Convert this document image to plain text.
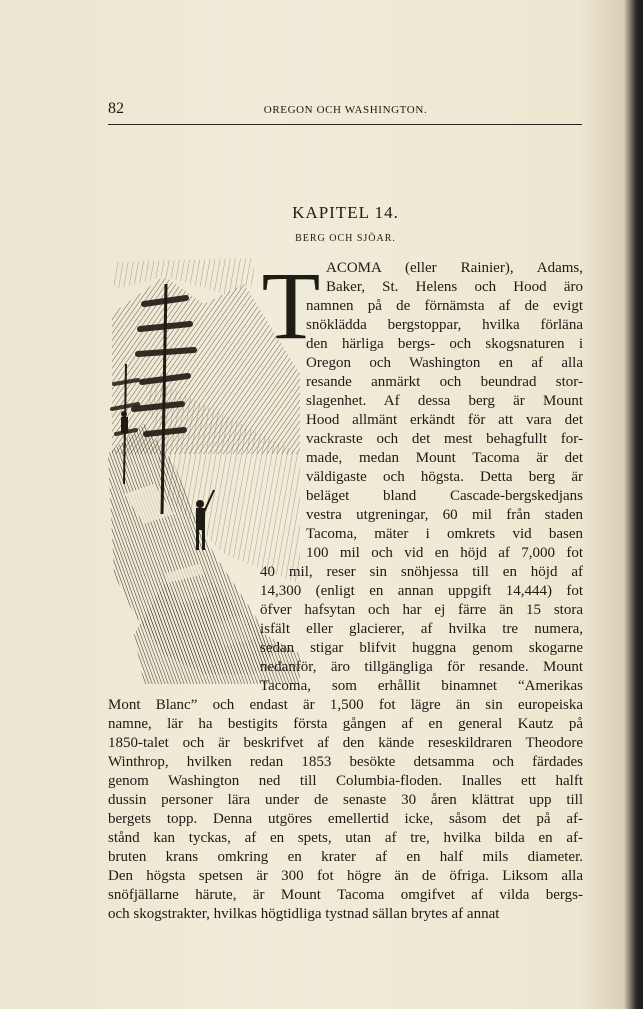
82	OREGON OCH WASHINGTON.
KAPITEL 14.
BERG OCH SJÖAR.
T ACOMA (eller Rainier), Adams,
Baker, St. Helens och Hood äro
namnen på de förnämsta af de evigt
snöklädda bergstoppar, hvilka förläna
den härliga bergs- och skogsnaturen i
Oregon och Washington en af alla
resande anmärkt och beundrad stor-
slagenhet. Af dessa berg är Mount
Hood allmänt erkändt för att vara det
vackraste och det mest behagfullt for-
made, medan Mount Tacoma är det
väldigaste och högsta. Detta berg är
beläget bland Cascade-bergskedjans
vestra utgreningar, 60 mil från staden
Tacoma, mäter i omkrets vid basen
100 mil och vid en höjd af 7,000 fot
40 mil, reser sin snöhjessa till en höjd af
14,300 (enligt en annan uppgift 14,444) fot
öfver hafsytan och har ej färre än 15 stora
isfält eller glacierer, af hvilka tre numera,
sedan stigar blifvit huggna genom skogarne
nedanför, äro tillgängliga för resande. Mount
Tacoma, som erhållit binamnet “Amerikas
Mont Blanc” och endast är 1,500 fot lägre än sin europeiska
namne, lär ha bestigits första gången af en general Kautz på
1850-talet och är beskrifvet af den kände reseskildraren Theodore
Winthrop, hvilken redan 1853 besökte detsamma och färdades
genom Washington ned till Columbia-floden. Inalles ett halft
dussin personer lära under de senaste 30 åren klättrat upp till
bergets topp. Denna utgöres emellertid icke, såsom det på af-
stånd kan tyckas, af en spets, utan af tre, hvilka bilda en af-
bruten krans omkring en krater af en half mils diameter.
Den högsta spetsen är 300 fot högre än de öfriga. Liksom alla
snöfjällarne härute, är Mount Tacoma omgifvet af vilda bergs-
och skogstrakter, hvilkas högtidliga tystnad sällan brytes af annat
